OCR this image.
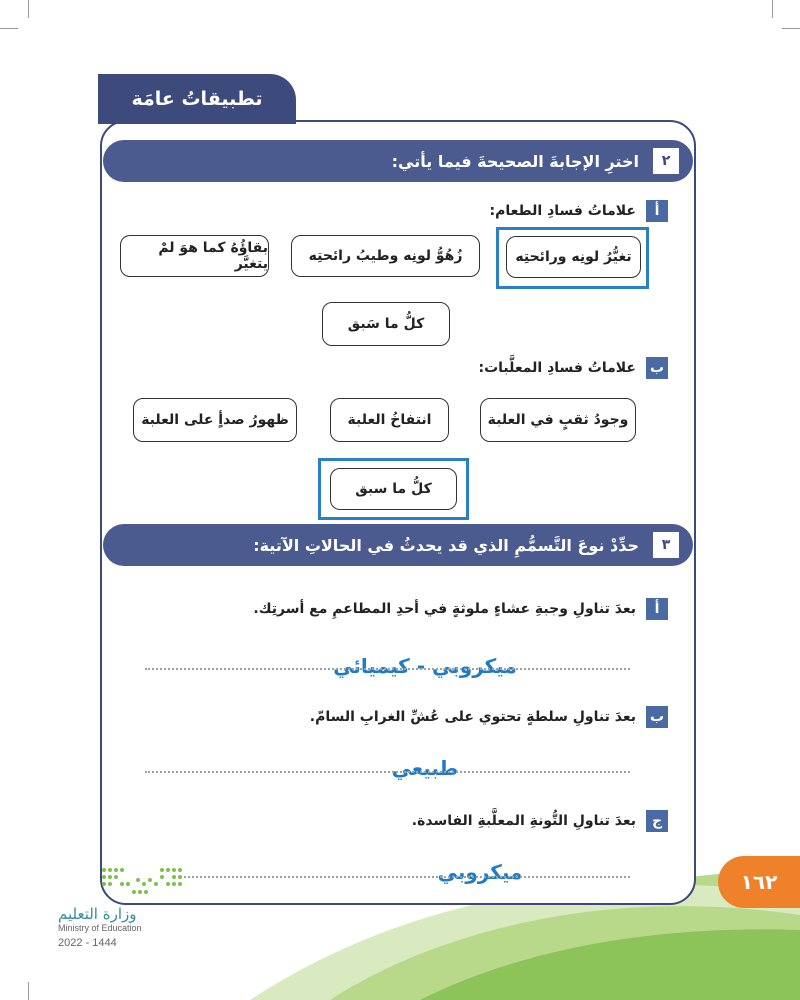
تطبيقاتُ عامَة
٢
اخترِ الإجابةَ الصحيحةَ فيما يأتي:
أ
علاماتُ فسادِ الطعام:
تغيُّرُ لونِه ورائحتِه
زُهُوُّ لونِه وطيبُ رائحتِه
بقاؤُهُ كما هوَ لمْ يتغيَّر
كلُّ ما سَبق
ب
علاماتُ فسادِ المعلَّبات:
وجودُ ثقبٍ في العلبة
انتفاخُ العلبة
ظهورُ صدأٍ على العلبة
كلُّ ما سبق
٣
حدِّدْ نوعَ التَّسمُّمِ الذي قد يحدثُ في الحالاتِ الآتية:
أ
بعدَ تناولِ وجبةِ عشاءٍ ملوثةٍ في أحدِ المطاعمِ مع أسرتِك.
ميكروبي - كيميائي
ب
بعدَ تناولِ سلطةٍ تحتوي على عُشِّ الغرابِ السامّ.
طبيعي
ج
بعدَ تناولِ التُّونةِ المعلَّبةِ الفاسدة.
ميكروبي	١٦٢
وزارة التعليم
Ministry of Education
2022 - 1444
